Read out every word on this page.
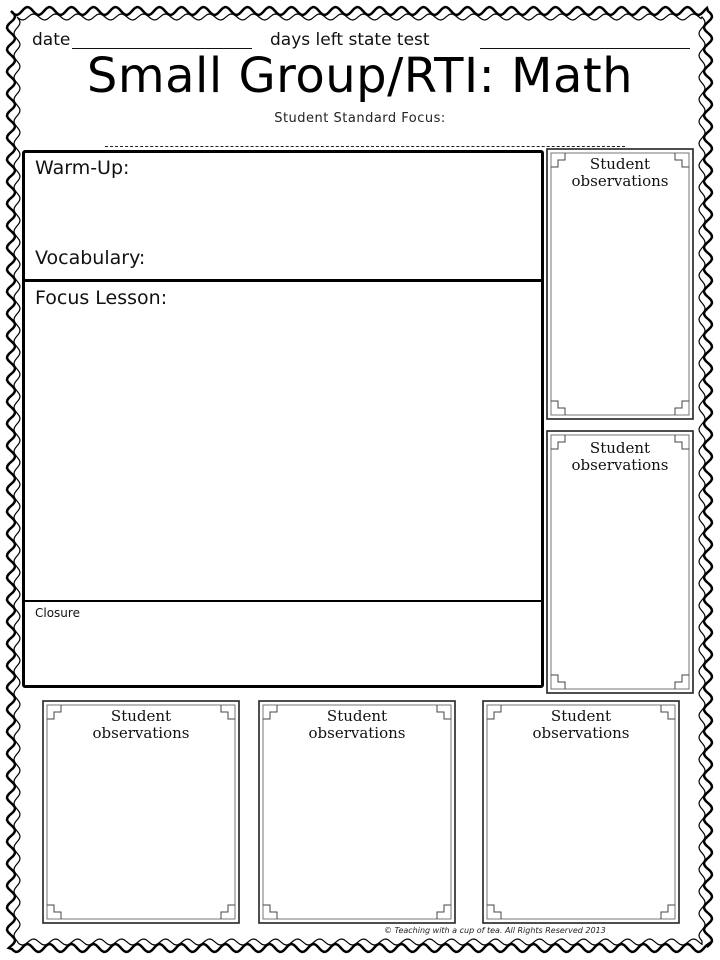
date	days left state test
Small Group/RTI: Math
Student Standard Focus:
Warm-Up:
Vocabulary:
Focus Lesson:
Closure
Student
observations
Student
observations
Student
observations
Student
observations
Student
observations
© Teaching with a cup of tea. All Rights Reserved 2013
